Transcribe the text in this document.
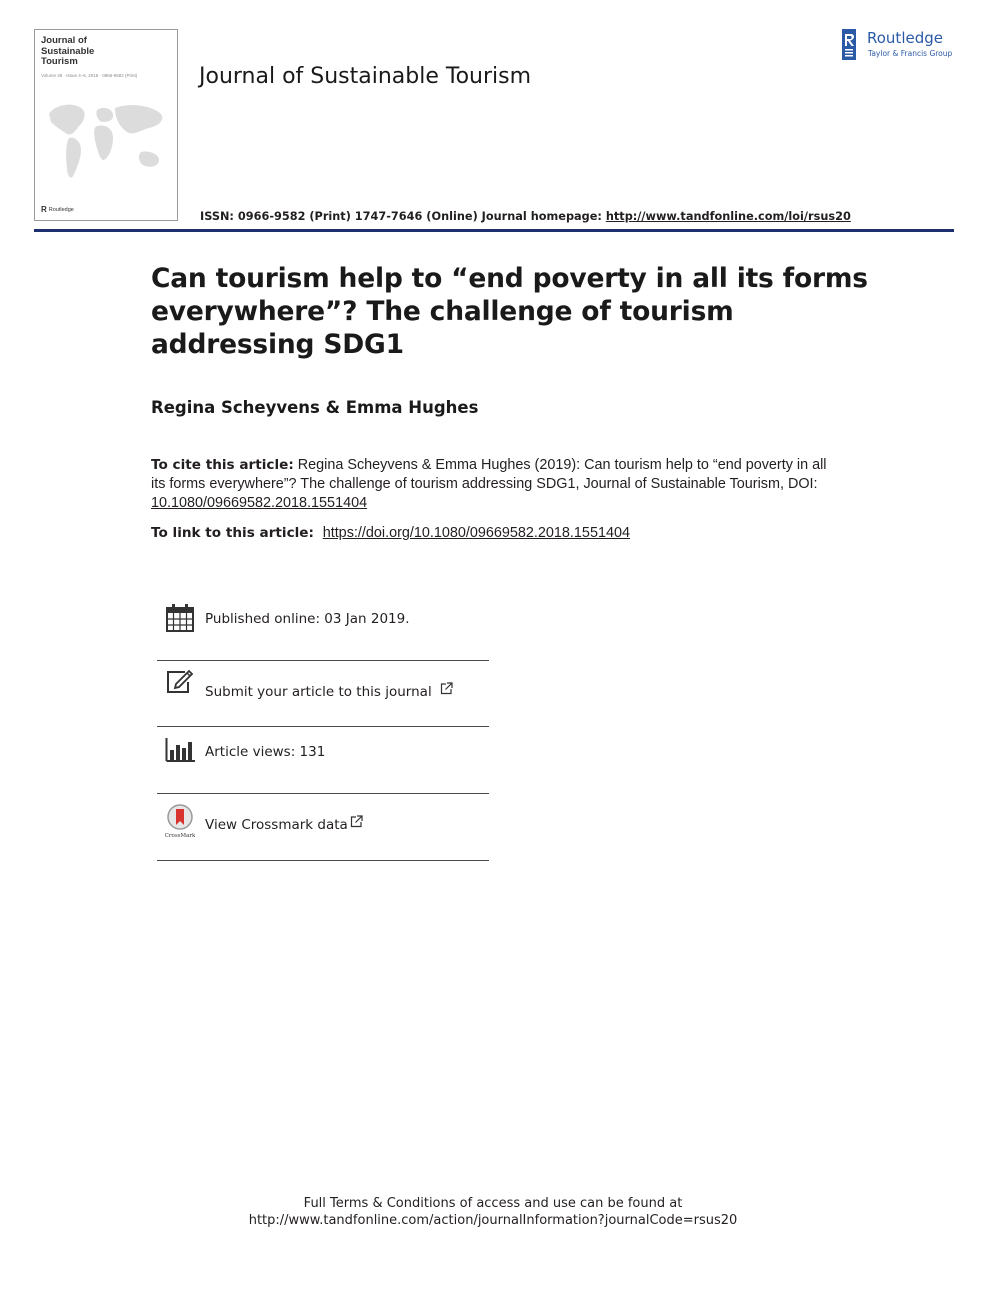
Journal of
Sustainable
Tourism
Volume 28 · Issue 4–6, 2018 · 0966-9582 (Print)
R Routledge
Journal of Sustainable Tourism
Routledge
Taylor & Francis Group
ISSN: 0966-9582 (Print) 1747-7646 (Online) Journal homepage: http://www.tandfonline.com/loi/rsus20
Can tourism help to “end poverty in all its forms everywhere”? The challenge of tourism addressing SDG1
Regina Scheyvens & Emma Hughes
To cite this article: Regina Scheyvens & Emma Hughes (2019): Can tourism help to “end poverty in all its forms everywhere”? The challenge of tourism addressing SDG1, Journal of Sustainable Tourism, DOI: 10.1080/09669582.2018.1551404
To link to this article: https://doi.org/10.1080/09669582.2018.1551404
Published online: 03 Jan 2019.
Submit your article to this journal
Article views: 131
CrossMark
View Crossmark data
Full Terms & Conditions of access and use can be found at
http://www.tandfonline.com/action/journalInformation?journalCode=rsus20
